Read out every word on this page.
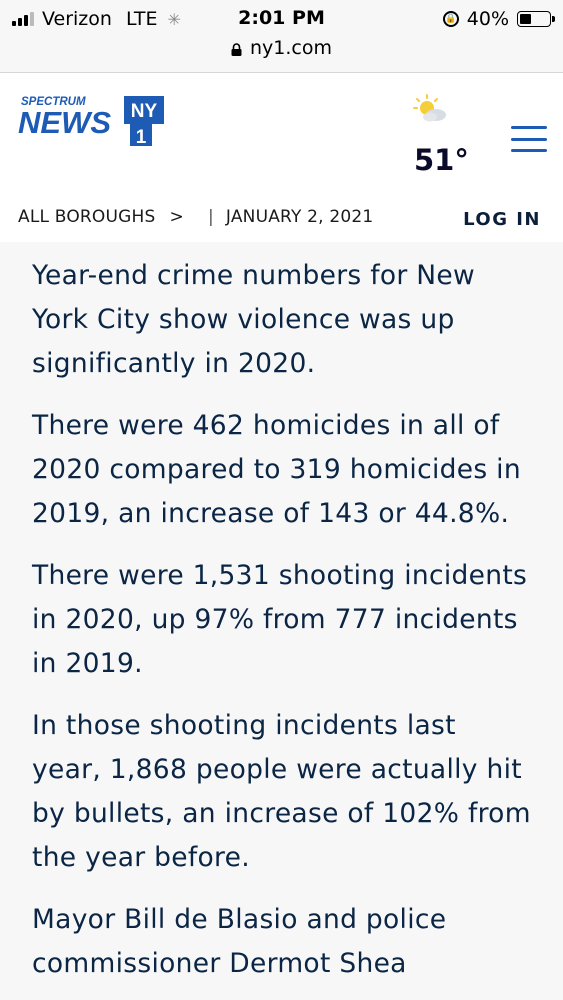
Verizon LTE ✳	2:01 PM	🔒 40%
ny1.com
SPECTRUM
NEWS NY
1
51°
ALL BOROUGHS > | JANUARY 2, 2021	LOG IN

Year-end crime numbers for New York City show violence was up significantly in 2020.

There were 462 homicides in all of 2020 compared to 319 homicides in 2019, an increase of 143 or 44.8%.

There were 1,531 shooting incidents in 2020, up 97% from 777 incidents in 2019.

In those shooting incidents last year, 1,868 people were actually hit by bullets, an increase of 102% from the year before.

Mayor Bill de Blasio and police commissioner Dermot Shea
